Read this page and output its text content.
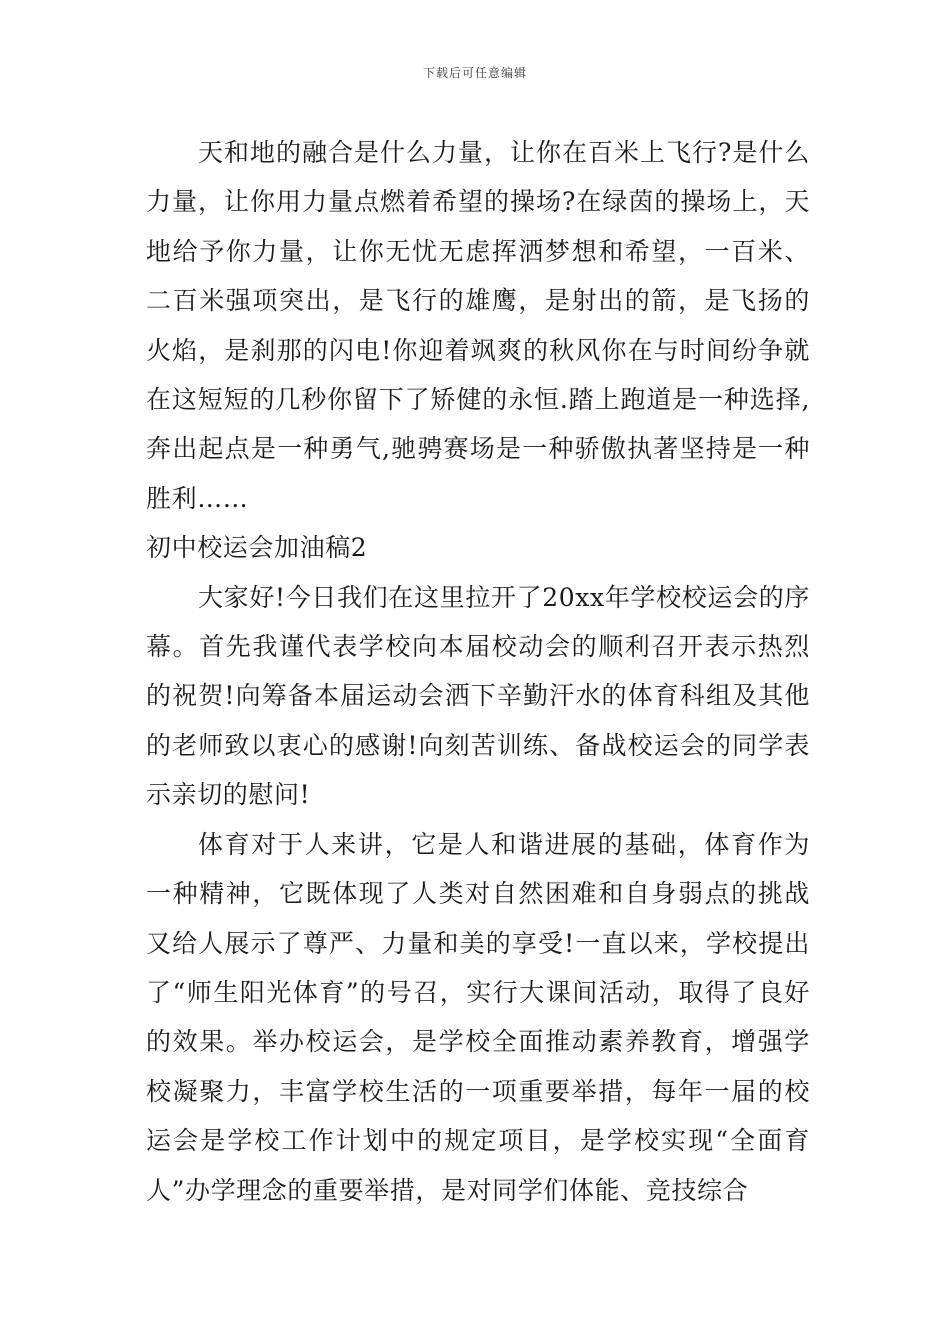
下载后可任意编辑

天和地的融合是什么力量，让你在百米上飞行?是什么力量，让你用力量点燃着希望的操场?在绿茵的操场上，天地给予你力量，让你无忧无虑挥洒梦想和希望，一百米、二百米强项突出，是飞行的雄鹰，是射出的箭，是飞扬的火焰，是刹那的闪电!你迎着飒爽的秋风你在与时间纷争就在这短短的几秒你留下了矫健的永恒.踏上跑道是一种选择,奔出起点是一种勇气,驰骋赛场是一种骄傲执著坚持是一种胜利……

初中校运会加油稿2

大家好!今日我们在这里拉开了20xx年学校校运会的序幕。首先我谨代表学校向本届校动会的顺利召开表示热烈的祝贺!向筹备本届运动会洒下辛勤汗水的体育科组及其他的老师致以衷心的感谢!向刻苦训练、备战校运会的同学表示亲切的慰问!

体育对于人来讲，它是人和谐进展的基础，体育作为一种精神，它既体现了人类对自然困难和自身弱点的挑战又给人展示了尊严、力量和美的享受!一直以来，学校提出了“师生阳光体育”的号召，实行大课间活动，取得了良好的效果。举办校运会，是学校全面推动素养教育，增强学校凝聚力，丰富学校生活的一项重要举措，每年一届的校运会是学校工作计划中的规定项目，是学校实现“全面育人”办学理念的重要举措，是对同学们体能、竞技综合
